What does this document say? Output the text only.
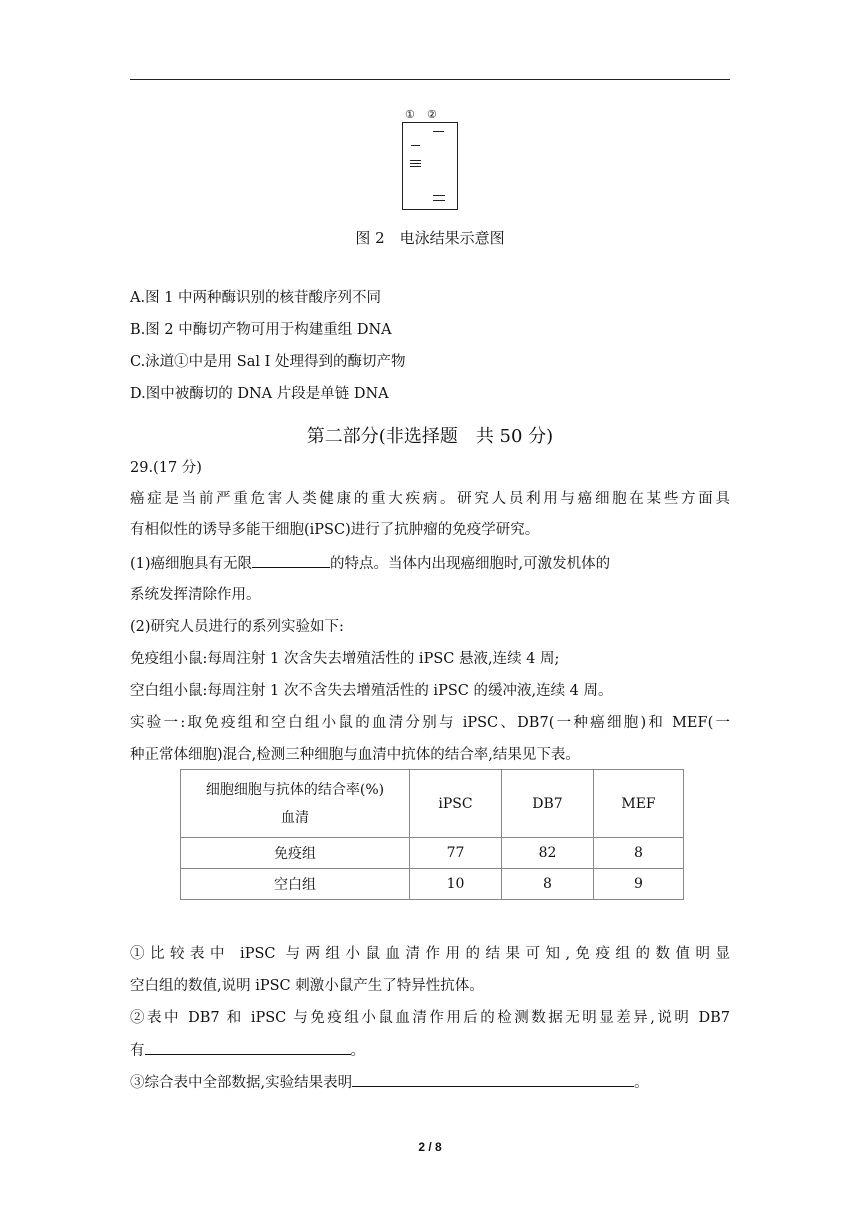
① ②
图 2　电泳结果示意图
A.图 1 中两种酶识别的核苷酸序列不同
B.图 2 中酶切产物可用于构建重组 DNA
C.泳道①中是用 Sal Ⅰ 处理得到的酶切产物
D.图中被酶切的 DNA 片段是单链 DNA
第二部分(非选择题　共 50 分)
29.(17 分)
癌症是当前严重危害人类健康的重大疾病。研究人员利用与癌细胞在某些方面具
有相似性的诱导多能干细胞(iPSC)进行了抗肿瘤的免疫学研究。
(1)癌细胞具有无限	的特点。当体内出现癌细胞时,可激发机体的
系统发挥清除作用。
(2)研究人员进行的系列实验如下:
免疫组小鼠:每周注射 1 次含失去增殖活性的 iPSC 悬液,连续 4 周;
空白组小鼠:每周注射 1 次不含失去增殖活性的 iPSC 的缓冲液,连续 4 周。
实验一:取免疫组和空白组小鼠的血清分别与 iPSC、DB7(一种癌细胞)和 MEF(一
种正常体细胞)混合,检测三种细胞与血清中抗体的结合率,结果见下表。
细胞细胞与抗体的结合率(%)
血清	iPSC	DB7	MEF
免疫组	77	82	8
空白组	10	8	9
①比较表中 iPSC 与两组小鼠血清作用的结果可知,免疫组的数值明显
空白组的数值,说明 iPSC 刺激小鼠产生了特异性抗体。
②表中 DB7 和 iPSC 与免疫组小鼠血清作用后的检测数据无明显差异,说明 DB7
有	。
③综合表中全部数据,实验结果表明	。
2 / 8
